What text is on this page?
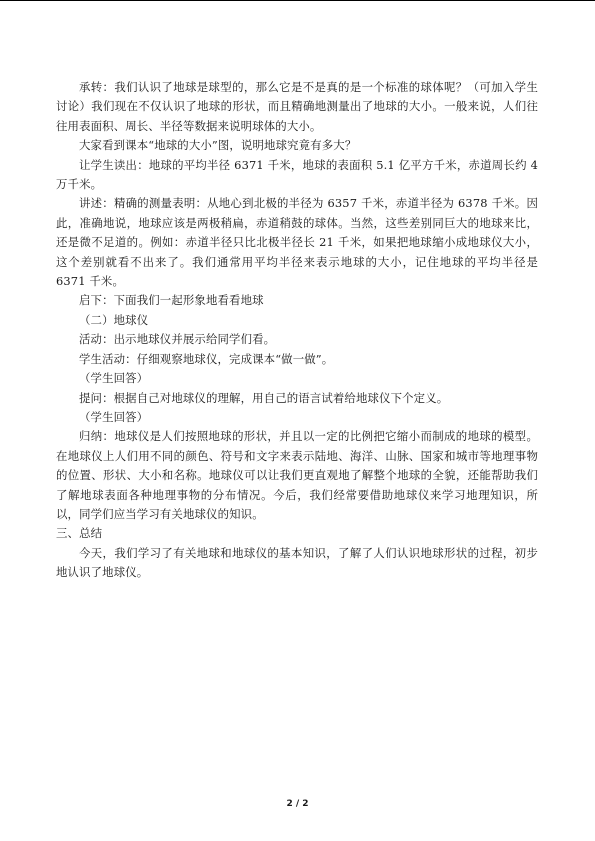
承转：我们认识了地球是球型的，那么它是不是真的是一个标准的球体呢？（可加入学生讨论）我们现在不仅认识了地球的形状，而且精确地测量出了地球的大小。一般来说，人们往往用表面积、周长、半径等数据来说明球体的大小。

大家看到课本“地球的大小”图，说明地球究竟有多大？

让学生读出：地球的平均半径 6371 千米，地球的表面积 5.1 亿平方千米，赤道周长约 4 万千米。

讲述：精确的测量表明：从地心到北极的半径为 6357 千米，赤道半径为 6378 千米。因此，准确地说，地球应该是两极稍扁，赤道稍鼓的球体。当然，这些差别同巨大的地球来比，还是微不足道的。例如：赤道半径只比北极半径长 21 千米，如果把地球缩小成地球仪大小，这个差别就看不出来了。我们通常用平均半径来表示地球的大小，记住地球的平均半径是 6371 千米。

启下：下面我们一起形象地看看地球

（二）地球仪

活动：出示地球仪并展示给同学们看。

学生活动：仔细观察地球仪，完成课本“做一做”。

（学生回答）

提问：根据自己对地球仪的理解，用自己的语言试着给地球仪下个定义。

（学生回答）

归纳：地球仪是人们按照地球的形状，并且以一定的比例把它缩小而制成的地球的模型。在地球仪上人们用不同的颜色、符号和文字来表示陆地、海洋、山脉、国家和城市等地理事物的位置、形状、大小和名称。地球仪可以让我们更直观地了解整个地球的全貌，还能帮助我们了解地球表面各种地理事物的分布情况。今后，我们经常要借助地球仪来学习地理知识，所以，同学们应当学习有关地球仪的知识。

三、总结

今天，我们学习了有关地球和地球仪的基本知识，了解了人们认识地球形状的过程，初步地认识了地球仪。

2 / 2
